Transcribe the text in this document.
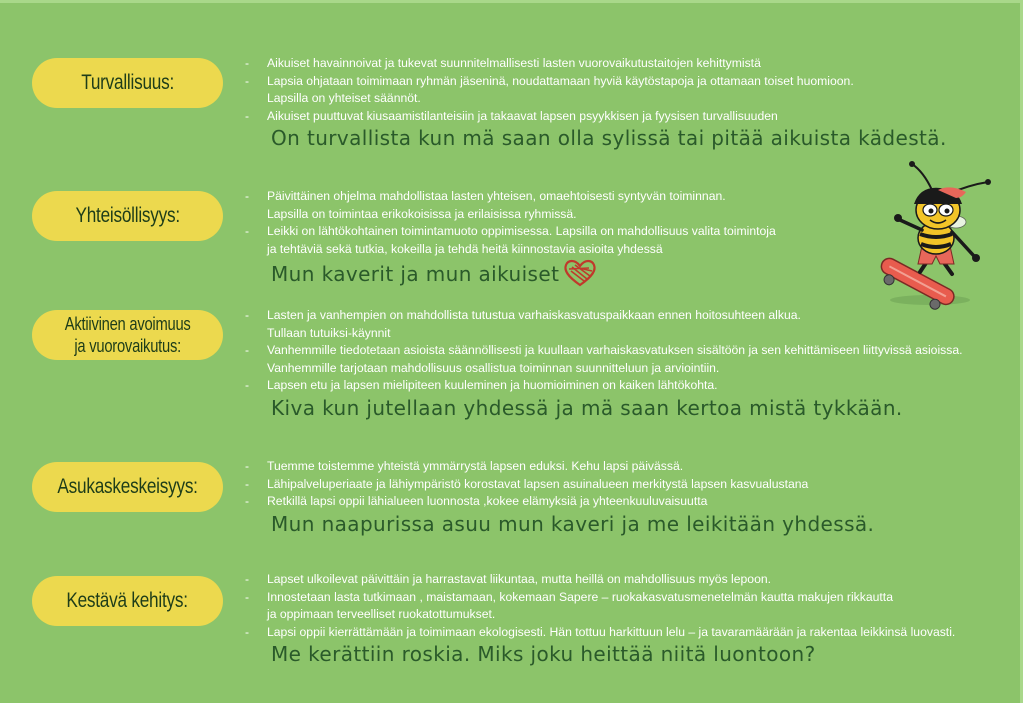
Turvallisuus:
- Aikuiset havainnoivat ja tukevat suunnitelmallisesti lasten vuorovaikutustaitojen kehittymistä
- Lapsia ohjataan toimimaan ryhmän jäseninä, noudattamaan hyviä käytöstapoja ja ottamaan toiset huomioon.
Lapsilla on yhteiset säännöt.
- Aikuiset puuttuvat kiusaamistilanteisiin ja takaavat lapsen psyykkisen ja fyysisen turvallisuuden
On turvallista kun mä saan olla sylissä tai pitää aikuista kädestä.
Yhteisöllisyys:
- Päivittäinen ohjelma mahdollistaa lasten yhteisen, omaehtoisesti syntyvän toiminnan.
Lapsilla on toimintaa erikokoisissa ja erilaisissa ryhmissä.
- Leikki on lähtökohtainen toimintamuoto oppimisessa. Lapsilla on mahdollisuus valita toimintoja
ja tehtäviä sekä tutkia, kokeilla ja tehdä heitä kiinnostavia asioita yhdessä
Mun kaverit ja mun aikuiset
Aktiivinen avoimuus
ja vuorovaikutus:
- Lasten ja vanhempien on mahdollista tutustua varhaiskasvatuspaikkaan ennen hoitosuhteen alkua.
Tullaan tutuiksi-käynnit
- Vanhemmille tiedotetaan asioista säännöllisesti ja kuullaan varhaiskasvatuksen sisältöön ja sen kehittämiseen liittyvissä asioissa.
Vanhemmille tarjotaan mahdollisuus osallistua toiminnan suunnitteluun ja arviointiin.
- Lapsen etu ja lapsen mielipiteen kuuleminen ja huomioiminen on kaiken lähtökohta.
Kiva kun jutellaan yhdessä ja mä saan kertoa mistä tykkään.
Asukaskeskeisyys:
- Tuemme toistemme yhteistä ymmärrystä lapsen eduksi. Kehu lapsi päivässä.
- Lähipalveluperiaate ja lähiympäristö korostavat lapsen asuinalueen merkitystä lapsen kasvualustana
- Retkillä lapsi oppii lähialueen luonnosta ,kokee elämyksiä ja yhteenkuuluvaisuutta
Mun naapurissa asuu mun kaveri ja me leikitään yhdessä.
Kestävä kehitys:
- Lapset ulkoilevat päivittäin ja harrastavat liikuntaa, mutta heillä on mahdollisuus myös lepoon.
- Innostetaan lasta tutkimaan , maistamaan, kokemaan Sapere – ruokakasvatusmenetelmän kautta makujen rikkautta
ja oppimaan terveelliset ruokatottumukset.
- Lapsi oppii kierrättämään ja toimimaan ekologisesti. Hän tottuu harkittuun lelu – ja tavaramäärään ja rakentaa leikkinsä luovasti.
Me kerättiin roskia. Miks joku heittää niitä luontoon?
